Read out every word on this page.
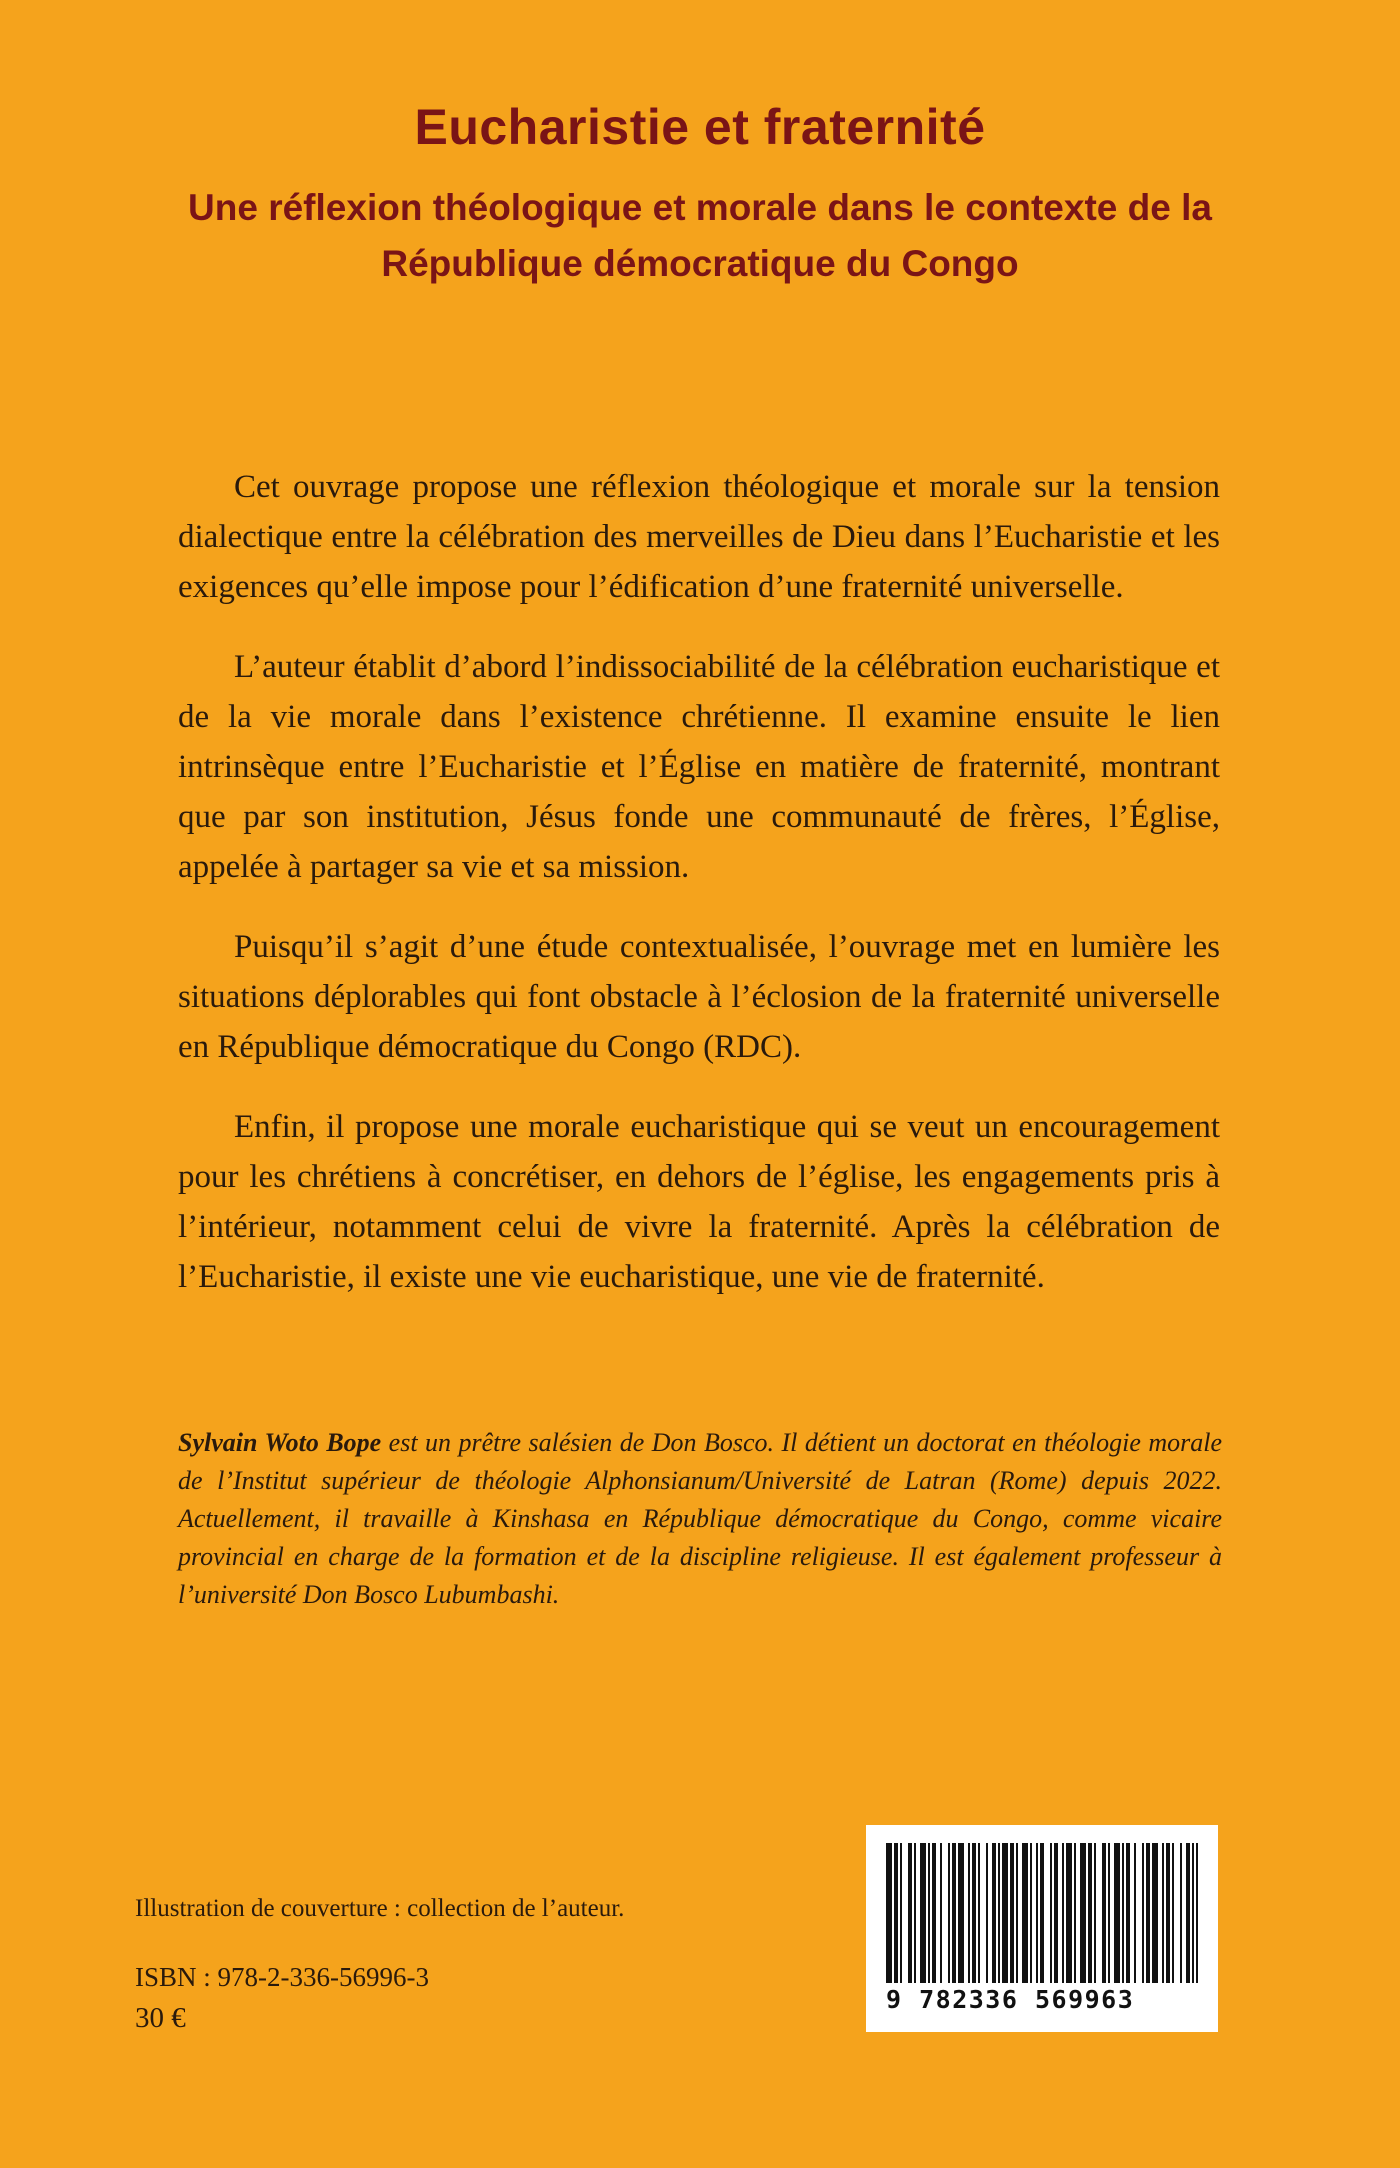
Eucharistie et fraternité
Une réflexion théologique et morale dans le contexte de la République démocratique du Congo

Cet ouvrage propose une réflexion théologique et morale sur la tension dialectique entre la célébration des merveilles de Dieu dans l’Eucharistie et les exigences qu’elle impose pour l’édification d’une fraternité universelle.

L’auteur établit d’abord l’indissociabilité de la célébration eucharistique et de la vie morale dans l’existence chrétienne. Il examine ensuite le lien intrinsèque entre l’Eucharistie et l’Église en matière de fraternité, montrant que par son institution, Jésus fonde une communauté de frères, l’Église, appelée à partager sa vie et sa mission.

Puisqu’il s’agit d’une étude contextualisée, l’ouvrage met en lumière les situations déplorables qui font obstacle à l’éclosion de la fraternité universelle en République démocratique du Congo (RDC).

Enfin, il propose une morale eucharistique qui se veut un encouragement pour les chrétiens à concrétiser, en dehors de l’église, les engagements pris à l’intérieur, notamment celui de vivre la fraternité. Après la célébration de l’Eucharistie, il existe une vie eucharistique, une vie de fraternité.

Sylvain Woto Bope est un prêtre salésien de Don Bosco. Il détient un doctorat en théologie morale de l’Institut supérieur de théologie Alphonsianum/Université de Latran (Rome) depuis 2022. Actuellement, il travaille à Kinshasa en République démocratique du Congo, comme vicaire provincial en charge de la formation et de la discipline religieuse. Il est également professeur à l’université Don Bosco Lubumbashi.

Illustration de couverture : collection de l’auteur.

ISBN : 978-2-336-56996-3

30 €

9 782336 569963
